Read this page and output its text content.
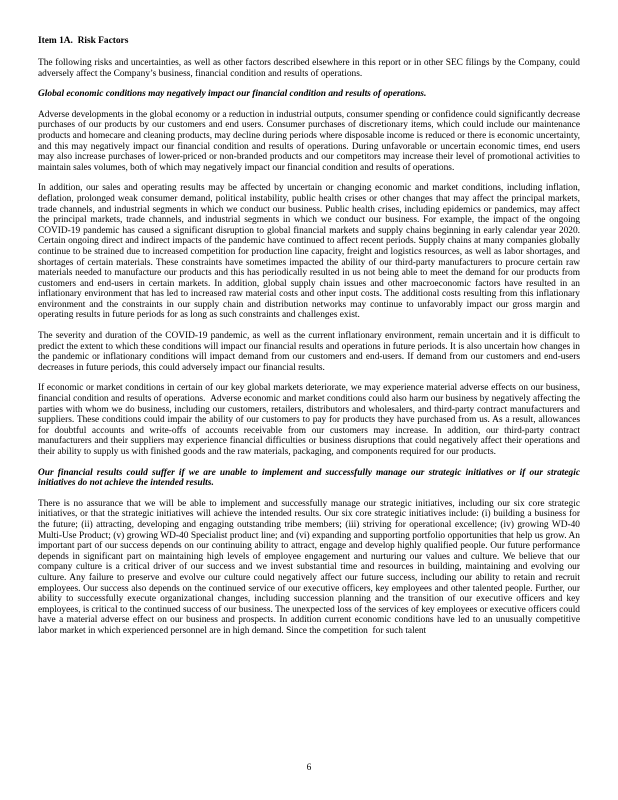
Item 1A.  Risk Factors

The following risks and uncertainties, as well as other factors described elsewhere in this report or in other SEC filings by the Company, could adversely affect the Company’s business, financial condition and results of operations.

Global economic conditions may negatively impact our financial condition and results of operations.

Adverse developments in the global economy or a reduction in industrial outputs, consumer spending or confidence could significantly decrease purchases of our products by our customers and end users. Consumer purchases of discretionary items, which could include our maintenance products and homecare and cleaning products, may decline during periods where disposable income is reduced or there is economic uncertainty, and this may negatively impact our financial condition and results of operations. During unfavorable or uncertain economic times, end users may also increase purchases of lower-priced or non-branded products and our competitors may increase their level of promotional activities to maintain sales volumes, both of which may negatively impact our financial condition and results of operations.

In addition, our sales and operating results may be affected by uncertain or changing economic and market conditions, including inflation, deflation, prolonged weak consumer demand, political instability, public health crises or other changes that may affect the principal markets, trade channels, and industrial segments in which we conduct our business. Public health crises, including epidemics or pandemics, may affect the principal markets, trade channels, and industrial segments in which we conduct our business. For example, the impact of the ongoing COVID-19 pandemic has caused a significant disruption to global financial markets and supply chains beginning in early calendar year 2020. Certain ongoing direct and indirect impacts of the pandemic have continued to affect recent periods. Supply chains at many companies globally continue to be strained due to increased competition for production line capacity, freight and logistics resources, as well as labor shortages, and shortages of certain materials. These constraints have sometimes impacted the ability of our third-party manufacturers to procure certain raw materials needed to manufacture our products and this has periodically resulted in us not being able to meet the demand for our products from customers and end-users in certain markets. In addition, global supply chain issues and other macroeconomic factors have resulted in an inflationary environment that has led to increased raw material costs and other input costs. The additional costs resulting from this inflationary environment and the constraints in our supply chain and distribution networks may continue to unfavorably impact our gross margin and operating results in future periods for as long as such constraints and challenges exist.

The severity and duration of the COVID-19 pandemic, as well as the current inflationary environment, remain uncertain and it is difficult to predict the extent to which these conditions will impact our financial results and operations in future periods. It is also uncertain how changes in the pandemic or inflationary conditions will impact demand from our customers and end-users. If demand from our customers and end-users decreases in future periods, this could adversely impact our financial results.

If economic or market conditions in certain of our key global markets deteriorate, we may experience material adverse effects on our business, financial condition and results of operations.  Adverse economic and market conditions could also harm our business by negatively affecting the parties with whom we do business, including our customers, retailers, distributors and wholesalers, and third-party contract manufacturers and suppliers. These conditions could impair the ability of our customers to pay for products they have purchased from us. As a result, allowances for doubtful accounts and write-offs of accounts receivable from our customers may increase. In addition, our third-party contract manufacturers and their suppliers may experience financial difficulties or business disruptions that could negatively affect their operations and their ability to supply us with finished goods and the raw materials, packaging, and components required for our products.

Our financial results could suffer if we are unable to implement and successfully manage our strategic initiatives or if our strategic initiatives do not achieve the intended results.

There is no assurance that we will be able to implement and successfully manage our strategic initiatives, including our six core strategic initiatives, or that the strategic initiatives will achieve the intended results. Our six core strategic initiatives include: (i) building a business for the future; (ii) attracting, developing and engaging outstanding tribe members; (iii) striving for operational excellence; (iv) growing WD-40 Multi-Use Product; (v) growing WD-40 Specialist product line; and (vi) expanding and supporting portfolio opportunities that help us grow. An important part of our success depends on our continuing ability to attract, engage and develop highly qualified people. Our future performance depends in significant part on maintaining high levels of employee engagement and nurturing our values and culture. We believe that our company culture is a critical driver of our success and we invest substantial time and resources in building, maintaining and evolving our culture. Any failure to preserve and evolve our culture could negatively affect our future success, including our ability to retain and recruit employees. Our success also depends on the continued service of our executive officers, key employees and other talented people. Further, our ability to successfully execute organizational changes, including succession planning and the transition of our executive officers and key employees, is critical to the continued success of our business. The unexpected loss of the services of key employees or executive officers could have a material adverse effect on our business and prospects. In addition current economic conditions have led to an unusually competitive labor market in which experienced personnel are in high demand. Since the competition  for such talent

6
